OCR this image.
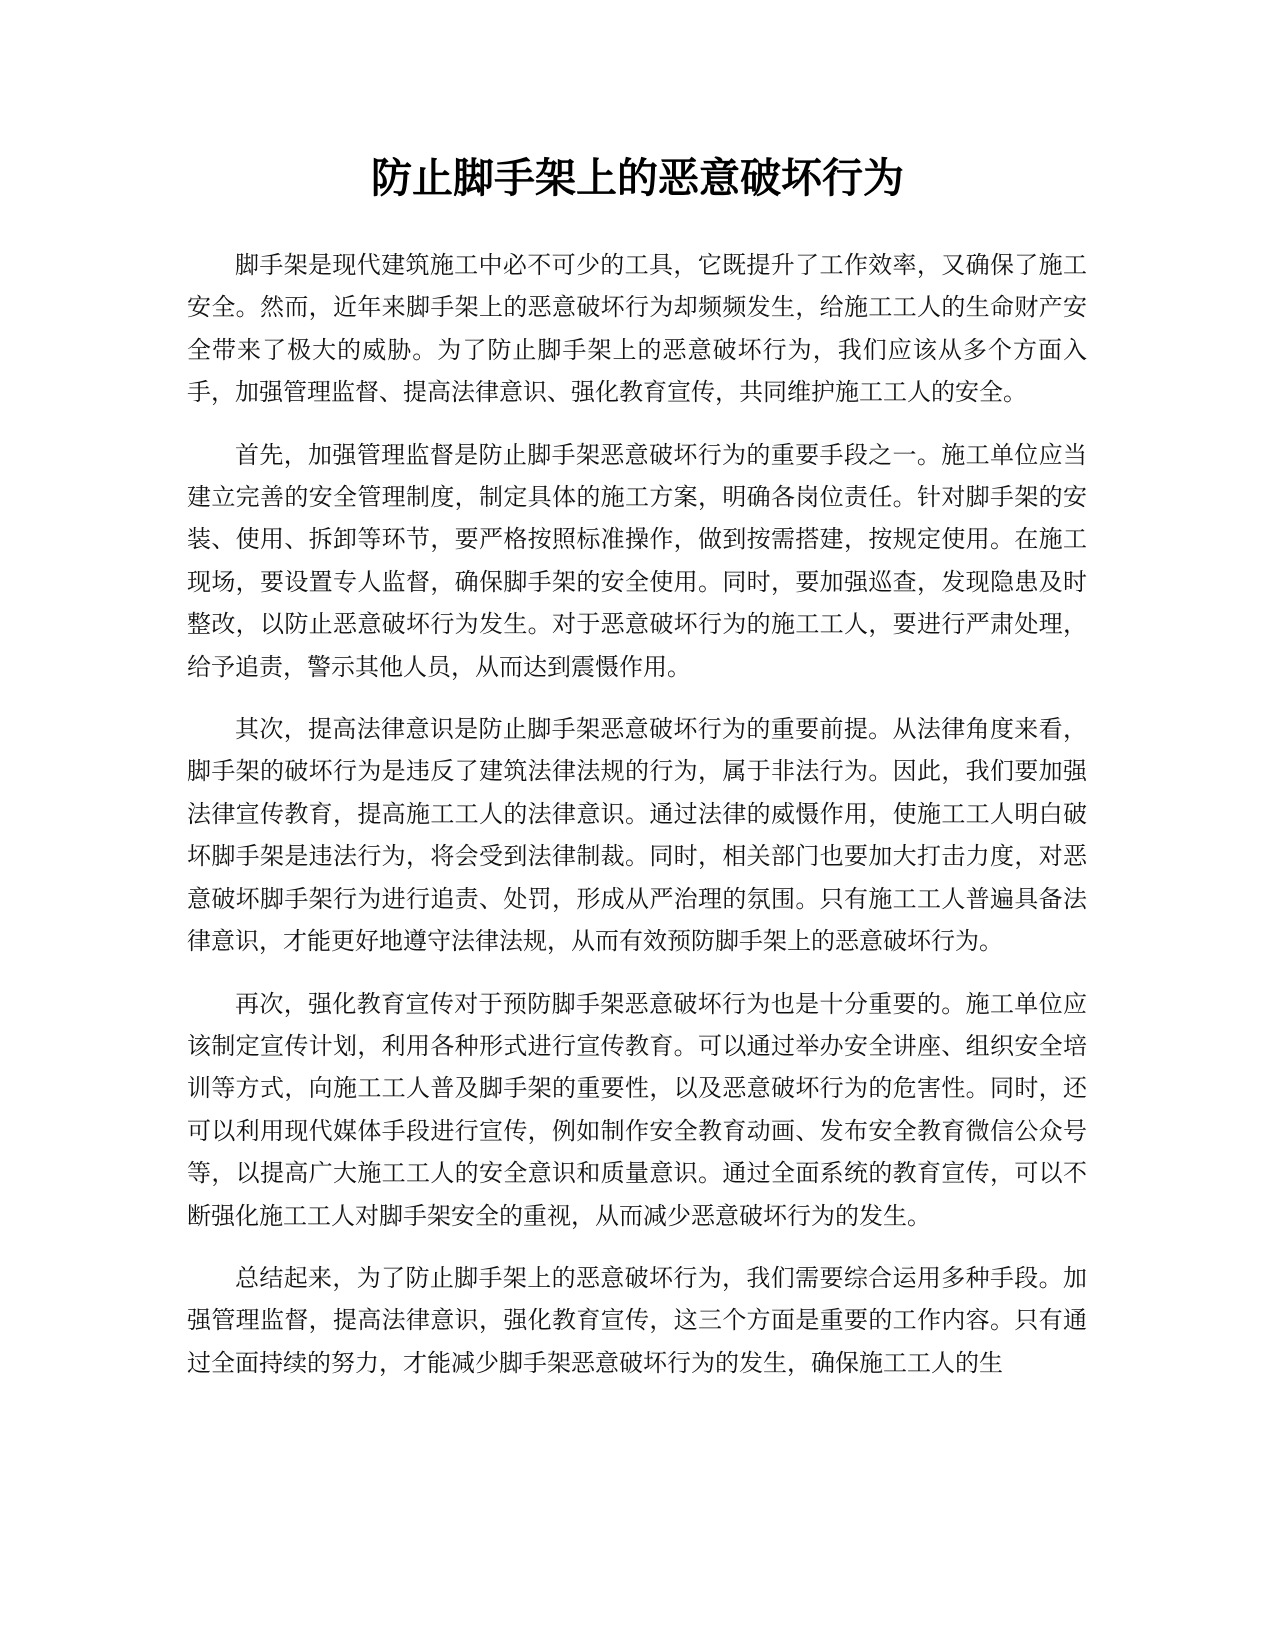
防止脚手架上的恶意破坏行为

脚手架是现代建筑施工中必不可少的工具，它既提升了工作效率，又确保了施工安全。然而，近年来脚手架上的恶意破坏行为却频频发生，给施工工人的生命财产安全带来了极大的威胁。为了防止脚手架上的恶意破坏行为，我们应该从多个方面入手，加强管理监督、提高法律意识、强化教育宣传，共同维护施工工人的安全。

首先，加强管理监督是防止脚手架恶意破坏行为的重要手段之一。施工单位应当建立完善的安全管理制度，制定具体的施工方案，明确各岗位责任。针对脚手架的安装、使用、拆卸等环节，要严格按照标准操作，做到按需搭建，按规定使用。在施工现场，要设置专人监督，确保脚手架的安全使用。同时，要加强巡查，发现隐患及时整改，以防止恶意破坏行为发生。对于恶意破坏行为的施工工人，要进行严肃处理，给予追责，警示其他人员，从而达到震慑作用。

其次，提高法律意识是防止脚手架恶意破坏行为的重要前提。从法律角度来看，脚手架的破坏行为是违反了建筑法律法规的行为，属于非法行为。因此，我们要加强法律宣传教育，提高施工工人的法律意识。通过法律的威慑作用，使施工工人明白破坏脚手架是违法行为，将会受到法律制裁。同时，相关部门也要加大打击力度，对恶意破坏脚手架行为进行追责、处罚，形成从严治理的氛围。只有施工工人普遍具备法律意识，才能更好地遵守法律法规，从而有效预防脚手架上的恶意破坏行为。

再次，强化教育宣传对于预防脚手架恶意破坏行为也是十分重要的。施工单位应该制定宣传计划，利用各种形式进行宣传教育。可以通过举办安全讲座、组织安全培训等方式，向施工工人普及脚手架的重要性，以及恶意破坏行为的危害性。同时，还可以利用现代媒体手段进行宣传，例如制作安全教育动画、发布安全教育微信公众号等，以提高广大施工工人的安全意识和质量意识。通过全面系统的教育宣传，可以不断强化施工工人对脚手架安全的重视，从而减少恶意破坏行为的发生。

总结起来，为了防止脚手架上的恶意破坏行为，我们需要综合运用多种手段。加强管理监督，提高法律意识，强化教育宣传，这三个方面是重要的工作内容。只有通过全面持续的努力，才能减少脚手架恶意破坏行为的发生，确保施工工人的生
